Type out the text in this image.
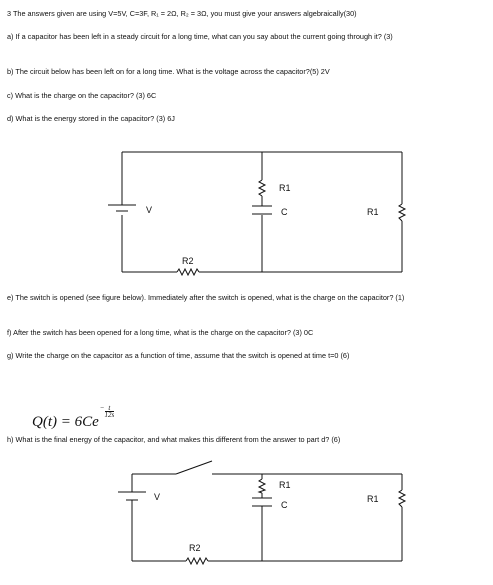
3 The answers given are using V=5V, C=3F, R₁ = 2Ω, R₂ = 3Ω, you must give your answers algebraically(30)
a) If a capacitor has been left in a steady circuit for a long time, what can you say about the current going through it? (3)
b) The circuit below has been left on for a long time. What is the voltage across the capacitor?(5) 2V
c) What is the charge on the capacitor? (3) 6C
d) What is the energy stored in the capacitor? (3) 6J
e) The switch is opened (see figure below). Immediately after the switch is opened, what is the charge on the capacitor? (1)
f) After the switch has been opened for a long time, what is the charge on the capacitor? (3) 0C
g) Write the charge on the capacitor as a function of time, assume that the switch is opened at time t=0 (6)
$Q(t) = 6Ce- \frac{t}{12s}$
h) What is the final energy of the capacitor, and what makes this different from the answer to part d? (6)
V
R2
R1
C	R1
V
R2
R1
C
R1
